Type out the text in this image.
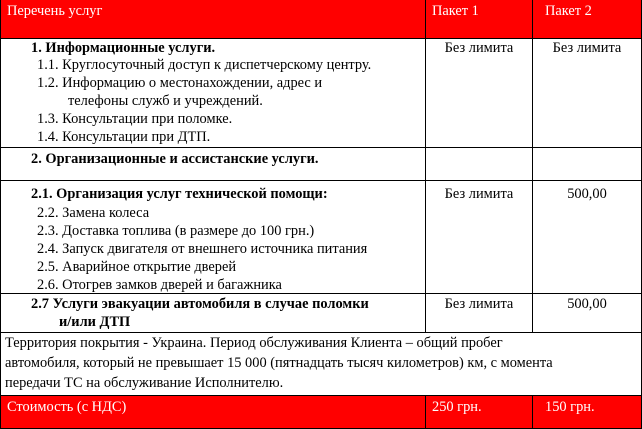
Перечень услуг	Пакет 1	Пакет 2
1. Информационные услуги.
1.1. Круглосуточный доступ к диспетчерскому центру.
1.2. Информацию о местонахождении, адрес и
телефоны служб и учреждений.
1.3. Консультации при поломке.
1.4. Консультации при ДТП.
Без лимита	Без лимита
2. Организационные и ассистанские услуги.
2.1. Организация услуг технической помощи:
2.2. Замена колеса
2.3. Доставка топлива (в размере до 100 грн.)
2.4. Запуск двигателя от внешнего источника питания
2.5. Аварийное открытие дверей
2.6. Отогрев замков дверей и багажника
Без лимита	500,00
2.7 Услуги эвакуации автомобиля в случае поломки
и/или ДТП
Без лимита	500,00
Территория покрытия - Украина. Период обслуживания Клиента – общий пробег
автомобиля, который не превышает 15 000 (пятнадцать тысяч километров) км, с момента
передачи ТС на обслуживание Исполнителю.
Стоимость (с НДС)	250 грн.	150 грн.
